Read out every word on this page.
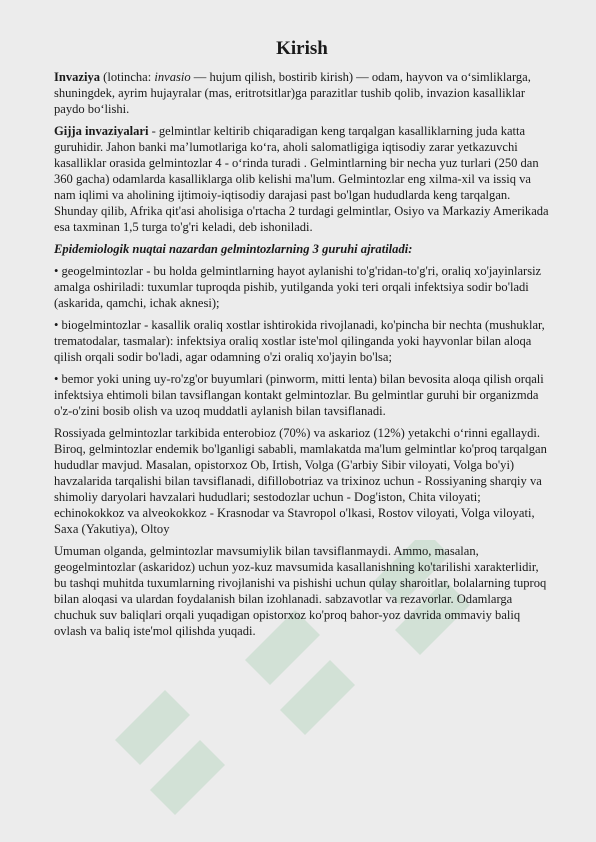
Kirish

Invaziya (lotincha: invasio — hujum qilish, bostirib kirish) — odam, hayvon va o‘simliklarga, shuningdek, ayrim hujayralar (mas, eritrotsitlar)ga parazitlar tushib qolib, invazion kasalliklar paydo bo‘lishi.

Gijja invaziyalari - gelmintlar keltirib chiqaradigan keng tarqalgan kasalliklarning juda katta guruhidir. Jahon banki ma’lumotlariga ko‘ra, aholi salomatligiga iqtisodiy zarar yetkazuvchi kasalliklar orasida gelmintozlar 4 - o‘rinda turadi . Gelmintlarning bir necha yuz turlari (250 dan 360 gacha) odamlarda kasalliklarga olib kelishi ma'lum. Gelmintozlar eng xilma-xil va issiq va nam iqlimi va aholining ijtimoiy-iqtisodiy darajasi past bo'lgan hududlarda keng tarqalgan. Shunday qilib, Afrika qit'asi aholisiga o'rtacha 2 turdagi gelmintlar, Osiyo va Markaziy Amerikada esa taxminan 1,5 turga to'g'ri keladi, deb ishoniladi.

Epidemiologik nuqtai nazardan gelmintozlarning 3 guruhi ajratiladi:

• geogelmintozlar - bu holda gelmintlarning hayot aylanishi to'g'ridan-to'g'ri, oraliq xo'jayinlarsiz amalga oshiriladi: tuxumlar tuproqda pishib, yutilganda yoki teri orqali infektsiya sodir bo'ladi (askarida, qamchi, ichak aknesi);

• biogelmintozlar - kasallik oraliq xostlar ishtirokida rivojlanadi, ko'pincha bir nechta (mushuklar, trematodalar, tasmalar): infektsiya oraliq xostlar iste'mol qilinganda yoki hayvonlar bilan aloqa qilish orqali sodir bo'ladi, agar odamning o'zi oraliq xo'jayin bo'lsa;

• bemor yoki uning uy-ro'zg'or buyumlari (pinworm, mitti lenta) bilan bevosita aloqa qilish orqali infektsiya ehtimoli bilan tavsiflangan kontakt gelmintozlar. Bu gelmintlar guruhi bir organizmda o'z-o'zini bosib olish va uzoq muddatli aylanish bilan tavsiflanadi.

Rossiyada gelmintozlar tarkibida enterobioz (70%) va askarioz (12%) yetakchi o‘rinni egallaydi. Biroq, gelmintozlar endemik bo'lganligi sababli, mamlakatda ma'lum gelmintlar ko'proq tarqalgan hududlar mavjud. Masalan, opistorxoz Ob, Irtish, Volga (G'arbiy Sibir viloyati, Volga bo'yi) havzalarida tarqalishi bilan tavsiflanadi, difillobotriaz va trixinoz uchun - Rossiyaning sharqiy va shimoliy daryolari havzalari hududlari; sestodozlar uchun - Dog'iston, Chita viloyati; echinokokkoz va alveokokkoz - Krasnodar va Stavropol o'lkasi, Rostov viloyati, Volga viloyati, Saxa (Yakutiya), Oltoy

Umuman olganda, gelmintozlar mavsumiylik bilan tavsiflanmaydi. Ammo, masalan, geogelmintozlar (askaridoz) uchun yoz-kuz mavsumida kasallanishning ko'tarilishi xarakterlidir, bu tashqi muhitda tuxumlarning rivojlanishi va pishishi uchun qulay sharoitlar, bolalarning tuproq bilan aloqasi va ulardan foydalanish bilan izohlanadi. sabzavotlar va rezavorlar. Odamlarga chuchuk suv baliqlari orqali yuqadigan opistorxoz ko'proq bahor-yoz davrida ommaviy baliq ovlash va baliq iste'mol qilishda yuqadi.
